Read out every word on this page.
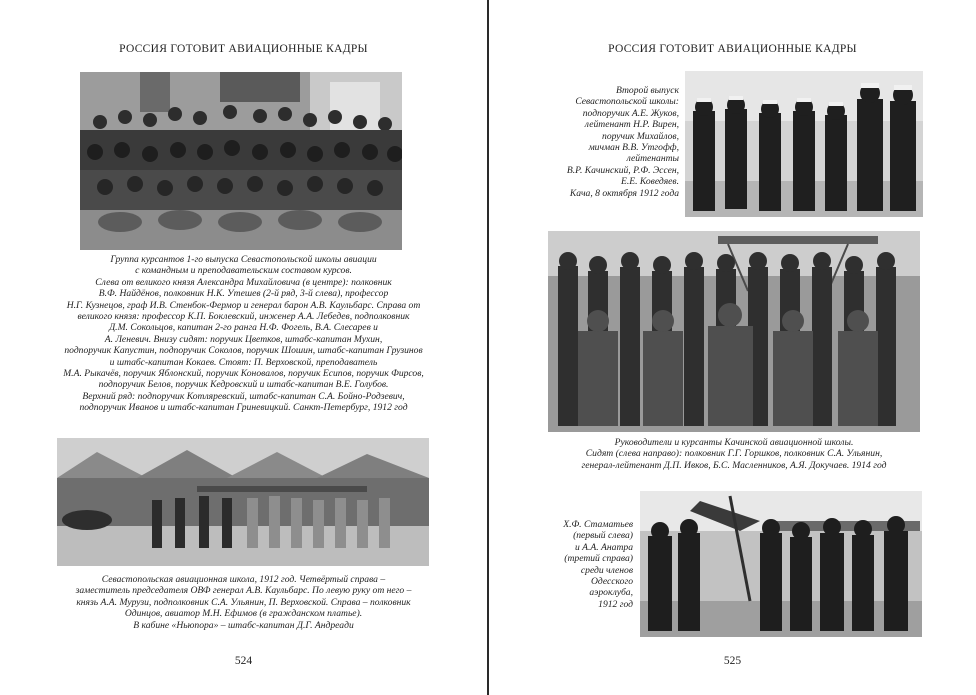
РОССИЯ ГОТОВИТ АВИАЦИОННЫЕ КАДРЫ
Группа курсантов 1-го выпуска Севастопольской школы авиации
с командным и преподавательским составом курсов.
Слева от великого князя Александра Михайловича (в центре): полковник
В.Ф. Найдёнов, полковник Н.К. Утешев (2-й ряд, 3-й слева), профессор
Н.Г. Кузнецов, граф И.В. Стенбок-Фермор и генерал барон А.В. Каульбарс. Справа от
великого князя: профессор К.П. Боклевский, инженер А.А. Лебедев, подполковник
Д.М. Сокольцов, капитан 2-го ранга Н.Ф. Фогель, В.А. Слесарев и
А. Леневич. Внизу сидят: поручик Цветков, штабс-капитан Мухин,
подпоручик Капустин, подпоручик Соколов, поручик Шошин, штабс-капитан Грузинов
и штабс-капитан Кокаев. Стоят: П. Верховской, преподаватель
М.А. Рыкачёв, поручик Яблонский, поручик Коновалов, поручик Есипов, поручик Фирсов,
подпоручик Белов, поручик Кедровский и штабс-капитан В.Е. Голубов.
Верхний ряд: подпоручик Котляревский, штабс-капитан С.А. Бойно-Родзевич,
подпоручик Иванов и штабс-капитан Гриневицкий. Санкт-Петербург, 1912 год
Севастопольская авиационная школа, 1912 год. Четвёртый справа –
заместитель председателя ОВФ генерал А.В. Каульбарс. По левую руку от него –
князь А.А. Мурузи, подполковник С.А. Ульянин, П. Верховской. Справа – полковник
Одинцов, авиатор М.Н. Ефимов (в гражданском платье).
В кабине «Ньюпора» – штабс-капитан Д.Г. Андреади
524
РОССИЯ ГОТОВИТ АВИАЦИОННЫЕ КАДРЫ
Второй выпуск
Севастопольской школы:
подпоручик А.Е. Жуков,
лейтенант Н.Р. Вирен,
поручик Михайлов,
мичман В.В. Утгофф,
лейтенанты
В.Р. Качинский, Р.Ф. Эссен,
Е.Е. Коведяев.
Кача, 8 октября 1912 года
Руководители и курсанты Качинской авиационной школы.
Сидят (слева направо): полковник Г.Г. Горшков, полковник С.А. Ульянин,
генерал-лейтенант Д.П. Ивков, Б.С. Масленников, А.Я. Докучаев. 1914 год
Х.Ф. Стаматьев
(первый слева)
и А.А. Анатра
(третий справа)
среди членов
Одесского
аэроклуба,
1912 год
525
